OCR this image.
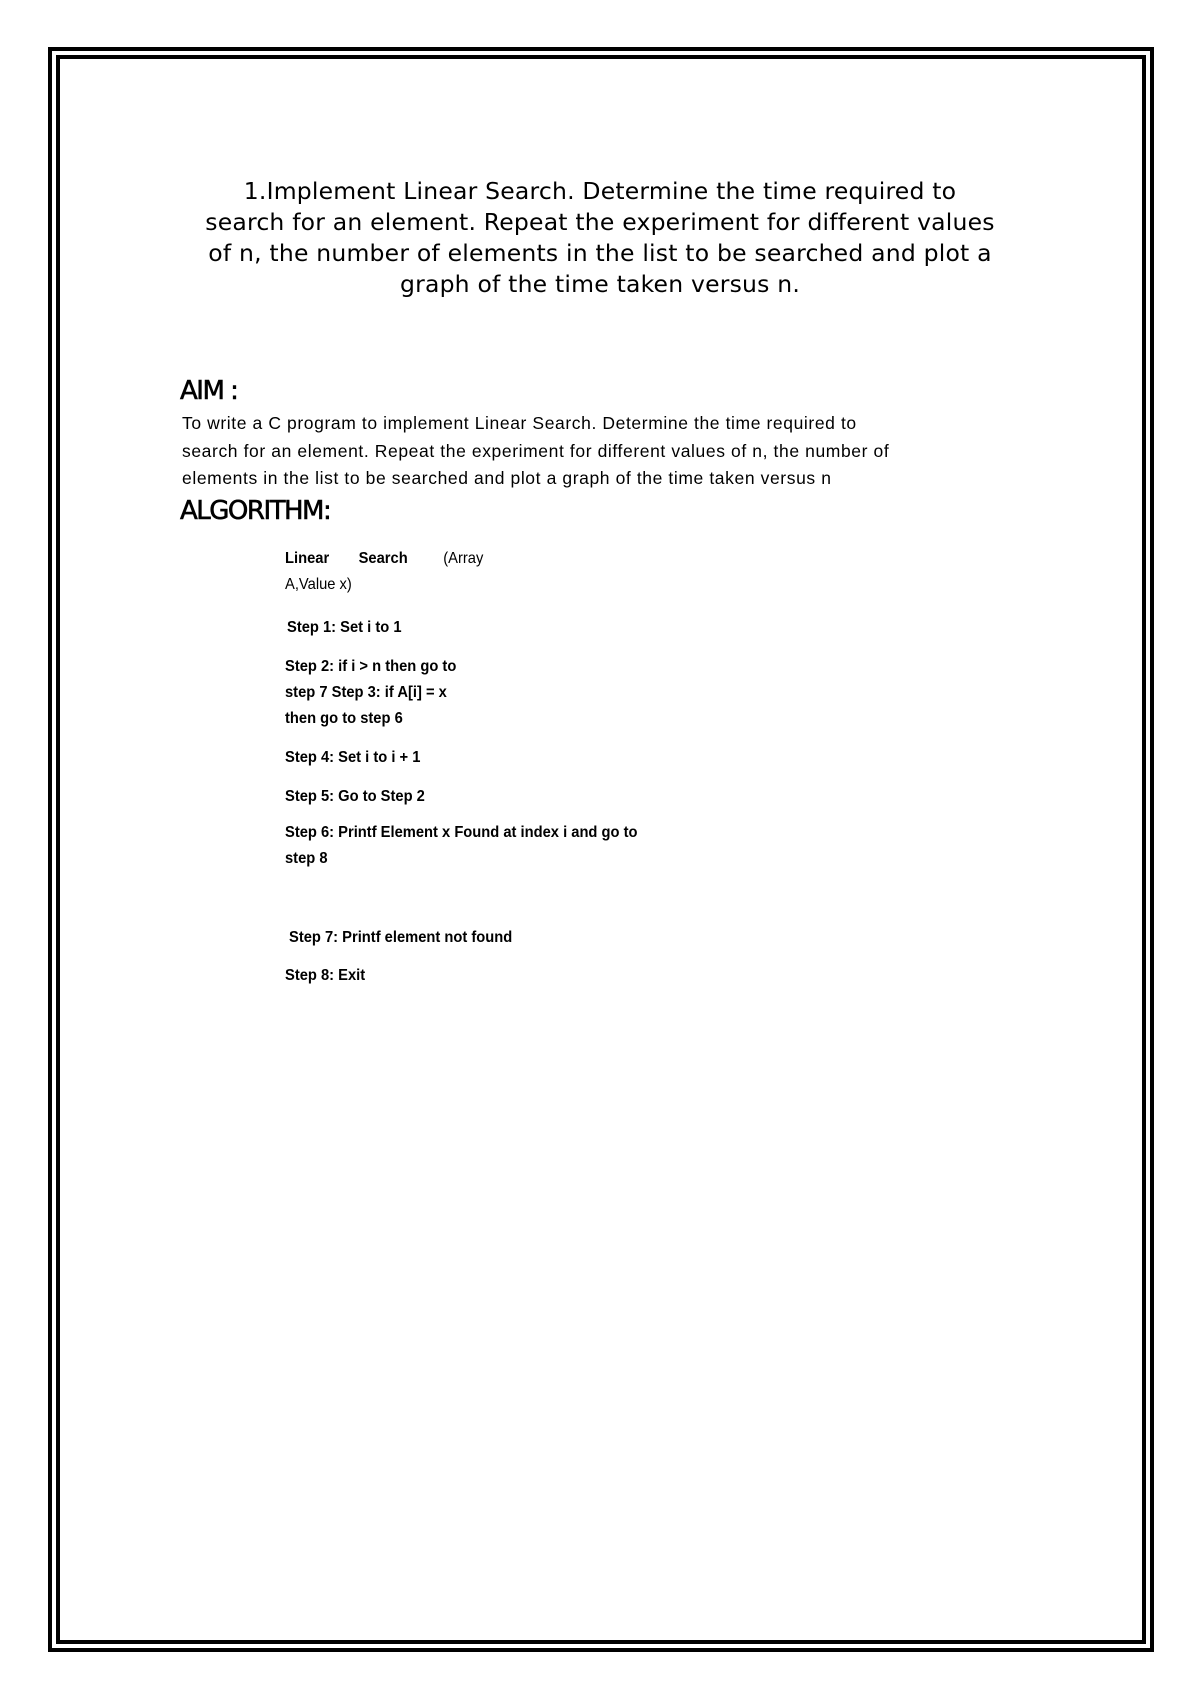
1.Implement Linear Search. Determine the time required to
search for an element. Repeat the experiment for different values
of n, the number of elements in the list to be searched and plot a
graph of the time taken versus n.
AIM :

To write a C program to implement Linear Search. Determine the time required to
search for an element. Repeat the experiment for different values of n, the number of
elements in the list to be searched and plot a graph of the time taken versus n

ALGORITHM:

Linear Search (Array
A,Value x)

Step 1: Set i to 1

Step 2: if i > n then go to
step 7 Step 3: if A[i] = x
then go to step 6

Step 4: Set i to i + 1

Step 5: Go to Step 2

Step 6: Printf Element x Found at index i and go to
step 8

Step 7: Printf element not found

Step 8: Exit
